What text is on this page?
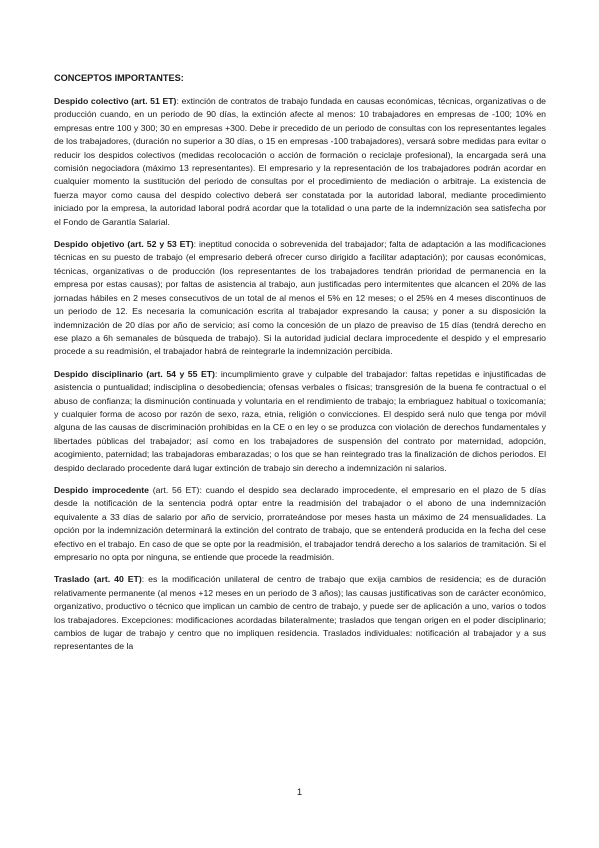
CONCEPTOS IMPORTANTES:

Despido colectivo (art. 51 ET): extinción de contratos de trabajo fundada en causas económicas, técnicas, organizativas o de producción cuando, en un periodo de 90 días, la extinción afecte al menos: 10 trabajadores en empresas de -100; 10% en empresas entre 100 y 300; 30 en empresas +300. Debe ir precedido de un periodo de consultas con los representantes legales de los trabajadores, (duración no superior a 30 días, o 15 en empresas -100 trabajadores), versará sobre medidas para evitar o reducir los despidos colectivos (medidas recolocación o acción de formación o reciclaje profesional), la encargada será una comisión negociadora (máximo 13 representantes). El empresario y la representación de los trabajadores podrán acordar en cualquier momento la sustitución del periodo de consultas por el procedimiento de mediación o arbitraje. La existencia de fuerza mayor como causa del despido colectivo deberá ser constatada por la autoridad laboral, mediante procedimiento iniciado por la empresa, la autoridad laboral podrá acordar que la totalidad o una parte de la indemnización sea satisfecha por el Fondo de Garantía Salarial.

Despido objetivo (art. 52 y 53 ET): ineptitud conocida o sobrevenida del trabajador; falta de adaptación a las modificaciones técnicas en su puesto de trabajo (el empresario deberá ofrecer curso dirigido a facilitar adaptación); por causas económicas, técnicas, organizativas o de producción (los representantes de los trabajadores tendrán prioridad de permanencia en la empresa por estas causas); por faltas de asistencia al trabajo, aun justificadas pero intermitentes que alcancen el 20% de las jornadas hábiles en 2 meses consecutivos de un total de al menos el 5% en 12 meses; o el 25% en 4 meses discontinuos de un periodo de 12. Es necesaria la comunicación escrita al trabajador expresando la causa; y poner a su disposición la indemnización de 20 días por año de servicio; así como la concesión de un plazo de preaviso de 15 días (tendrá derecho en ese plazo a 6h semanales de búsqueda de trabajo). Si la autoridad judicial declara improcedente el despido y el empresario procede a su readmisión, el trabajador habrá de reintegrarle la indemnización percibida.

Despido disciplinario (art. 54 y 55 ET): incumplimiento grave y culpable del trabajador: faltas repetidas e injustificadas de asistencia o puntualidad; indisciplina o desobediencia; ofensas verbales o físicas; transgresión de la buena fe contractual o el abuso de confianza; la disminución continuada y voluntaria en el rendimiento de trabajo; la embriaguez habitual o toxicomanía; y cualquier forma de acoso por razón de sexo, raza, etnia, religión o convicciones. El despido será nulo que tenga por móvil alguna de las causas de discriminación prohibidas en la CE o en ley o se produzca con violación de derechos fundamentales y libertades públicas del trabajador; así como en los trabajadores de suspensión del contrato por maternidad, adopción, acogimiento, paternidad; las trabajadoras embarazadas; o los que se han reintegrado tras la finalización de dichos periodos. El despido declarado procedente dará lugar extinción de trabajo sin derecho a indemnización ni salarios.

Despido improcedente (art. 56 ET): cuando el despido sea declarado improcedente, el empresario en el plazo de 5 días desde la notificación de la sentencia podrá optar entre la readmisión del trabajador o el abono de una indemnización equivalente a 33 días de salario por año de servicio, prorrateándose por meses hasta un máximo de 24 mensualidades. La opción por la indemnización determinará la extinción del contrato de trabajo, que se entenderá producida en la fecha del cese efectivo en el trabajo. En caso de que se opte por la readmisión, el trabajador tendrá derecho a los salarios de tramitación. Si el empresario no opta por ninguna, se entiende que procede la readmisión.

Traslado (art. 40 ET): es la modificación unilateral de centro de trabajo que exija cambios de residencia; es de duración relativamente permanente (al menos +12 meses en un periodo de 3 años); las causas justificativas son de carácter económico, organizativo, productivo o técnico que implican un cambio de centro de trabajo, y puede ser de aplicación a uno, varios o todos los trabajadores. Excepciones: modificaciones acordadas bilateralmente; traslados que tengan origen en el poder disciplinario; cambios de lugar de trabajo y centro que no impliquen residencia. Traslados individuales: notificación al trabajador y a sus representantes de la

1
